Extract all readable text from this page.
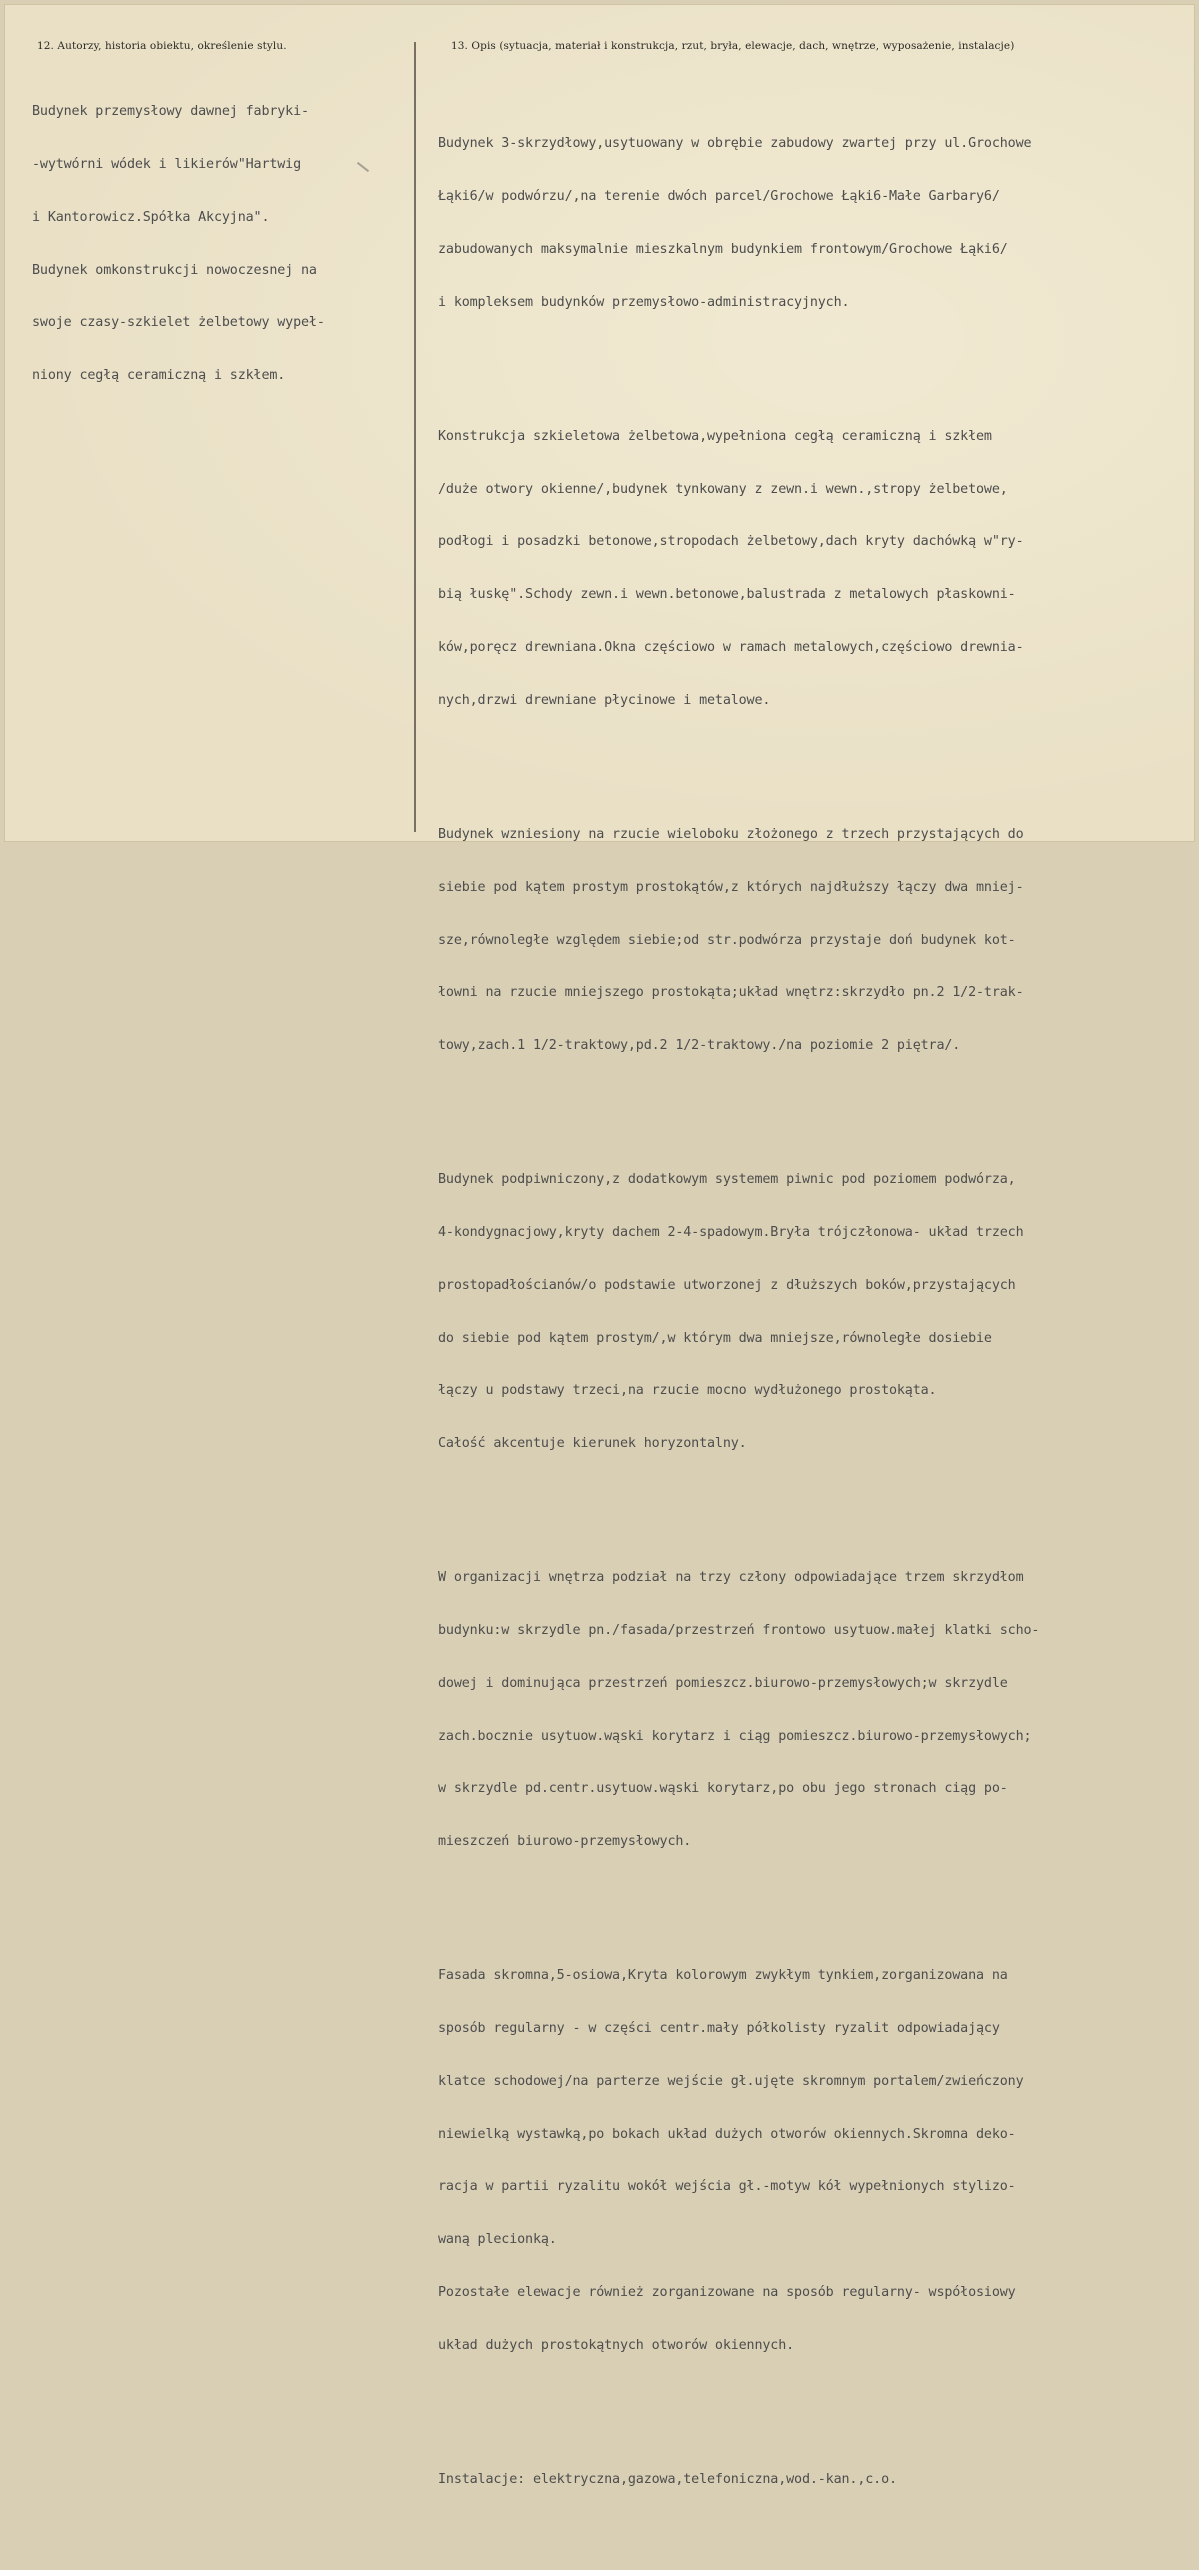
12. Autorzy, historia obiektu, określenie stylu.	13. Opis (sytuacja, materiał i konstrukcja, rzut, bryła, elewacje, dach, wnętrze, wyposażenie, instalacje)

Budynek przemysłowy dawnej fabryki-

-wytwórni wódek i likierów"Hartwig

i Kantorowicz.Spółka Akcyjna".

Budynek omkonstrukcji nowoczesnej na

swoje czasy-szkielet żelbetowy wypeł-

niony cegłą ceramiczną i szkłem.

Budynek 3-skrzydłowy,usytuowany w obrębie zabudowy zwartej przy ul.Grochowe

Łąki6/w podwórzu/,na terenie dwóch parcel/Grochowe Łąki6-Małe Garbary6/

zabudowanych maksymalnie mieszkalnym budynkiem frontowym/Grochowe Łąki6/

i kompleksem budynków przemysłowo-administracyjnych.

Konstrukcja szkieletowa żelbetowa,wypełniona cegłą ceramiczną i szkłem

/duże otwory okienne/,budynek tynkowany z zewn.i wewn.,stropy żelbetowe,

podłogi i posadzki betonowe,stropodach żelbetowy,dach kryty dachówką w"ry-

bią łuskę".Schody zewn.i wewn.betonowe,balustrada z metalowych płaskowni-

ków,poręcz drewniana.Okna częściowo w ramach metalowych,częściowo drewnia-

nych,drzwi drewniane płycinowe i metalowe.

Budynek wzniesiony na rzucie wieloboku złożonego z trzech przystających do

siebie pod kątem prostym prostokątów,z których najdłuższy łączy dwa mniej-

sze,równoległe względem siebie;od str.podwórza przystaje doń budynek kot-

łowni na rzucie mniejszego prostokąta;układ wnętrz:skrzydło pn.2 1/2-trak-

towy,zach.1 1/2-traktowy,pd.2 1/2-traktowy./na poziomie 2 piętra/.

Budynek podpiwniczony,z dodatkowym systemem piwnic pod poziomem podwórza,

4-kondygnacjowy,kryty dachem 2-4-spadowym.Bryła trójczłonowa- układ trzech

prostopadłościanów/o podstawie utworzonej z dłuższych boków,przystających

do siebie pod kątem prostym/,w którym dwa mniejsze,równoległe dosiebie

łączy u podstawy trzeci,na rzucie mocno wydłużonego prostokąta.

Całość akcentuje kierunek horyzontalny.

W organizacji wnętrza podział na trzy człony odpowiadające trzem skrzydłom

budynku:w skrzydle pn./fasada/przestrzeń frontowo usytuow.małej klatki scho-

dowej i dominująca przestrzeń pomieszcz.biurowo-przemysłowych;w skrzydle

zach.bocznie usytuow.wąski korytarz i ciąg pomieszcz.biurowo-przemysłowych;

w skrzydle pd.centr.usytuow.wąski korytarz,po obu jego stronach ciąg po-

mieszczeń biurowo-przemysłowych.

Fasada skromna,5-osiowa,Kryta kolorowym zwykłym tynkiem,zorganizowana na

sposób regularny - w części centr.mały półkolisty ryzalit odpowiadający

klatce schodowej/na parterze wejście gł.ujęte skromnym portalem/zwieńczony

niewielką wystawką,po bokach układ dużych otworów okiennych.Skromna deko-

racja w partii ryzalitu wokół wejścia gł.-motyw kół wypełnionych stylizo-

waną plecionką.

Pozostałe elewacje również zorganizowane na sposób regularny- współosiowy

układ dużych prostokątnych otworów okiennych.

Instalacje: elektryczna,gazowa,telefoniczna,wod.-kan.,c.o.
